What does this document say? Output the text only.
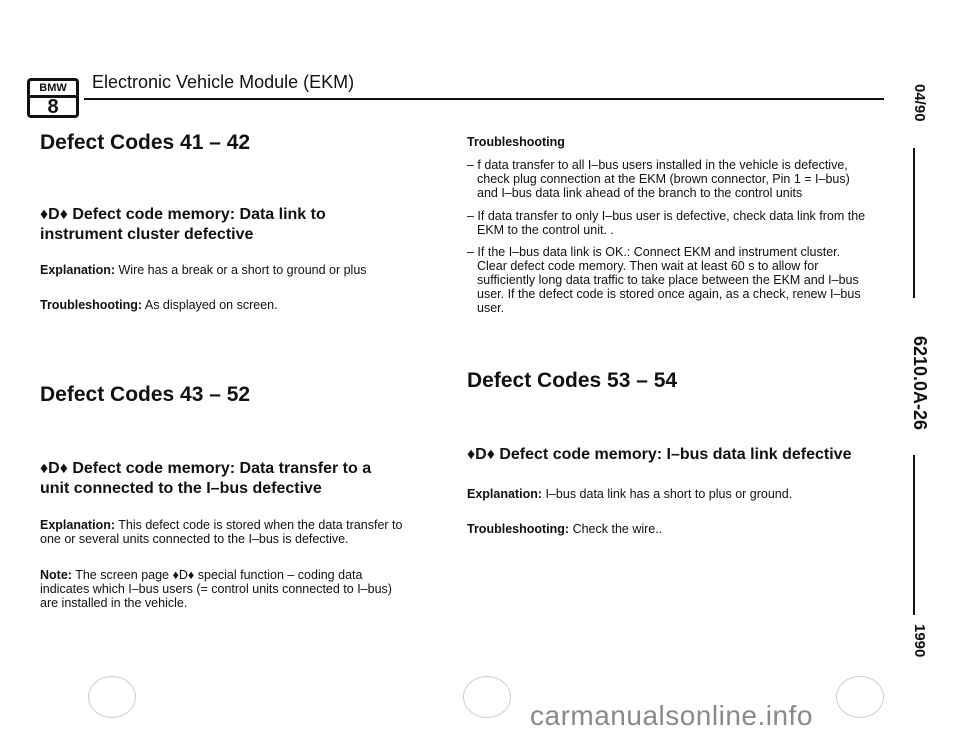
BMW
8
Electronic Vehicle Module (EKM)
Defect Codes 41 – 42
♦D♦ Defect code memory: Data link to instrument cluster defective
Explanation: Wire has a break or a short to ground or plus
Troubleshooting: As displayed on screen.
Defect Codes 43 – 52
♦D♦ Defect code memory: Data transfer to a unit connected to the I–bus defective
Explanation: This defect code is stored when the data transfer to one or several units connected to the I–bus is defective.
Note: The screen page ♦D♦ special function – coding data indicates which I–bus users (= control units connected to I–bus) are installed in the vehicle.
Troubleshooting
– f data transfer to all I–bus users installed in the vehicle is defective, check plug connection at the EKM (brown connector, Pin 1 = I–bus) and I–bus data link ahead of the branch to the control units
– If data transfer to only I–bus user is defective, check data link from the EKM to the control unit. .
– If the I–bus data link is OK.: Connect EKM and instrument cluster. Clear defect code memory. Then wait at least 60 s to allow for sufficiently long data traffic to take place between the EKM and I–bus user. If the defect code is stored once again, as a check, renew I–bus user.
Defect Codes 53 – 54
♦D♦ Defect code memory: I–bus data link defective
Explanation: I–bus data link has a short to plus or ground.
Troubleshooting: Check the wire..
04/90
6210.0A-26
1990
carmanualsonline.info
